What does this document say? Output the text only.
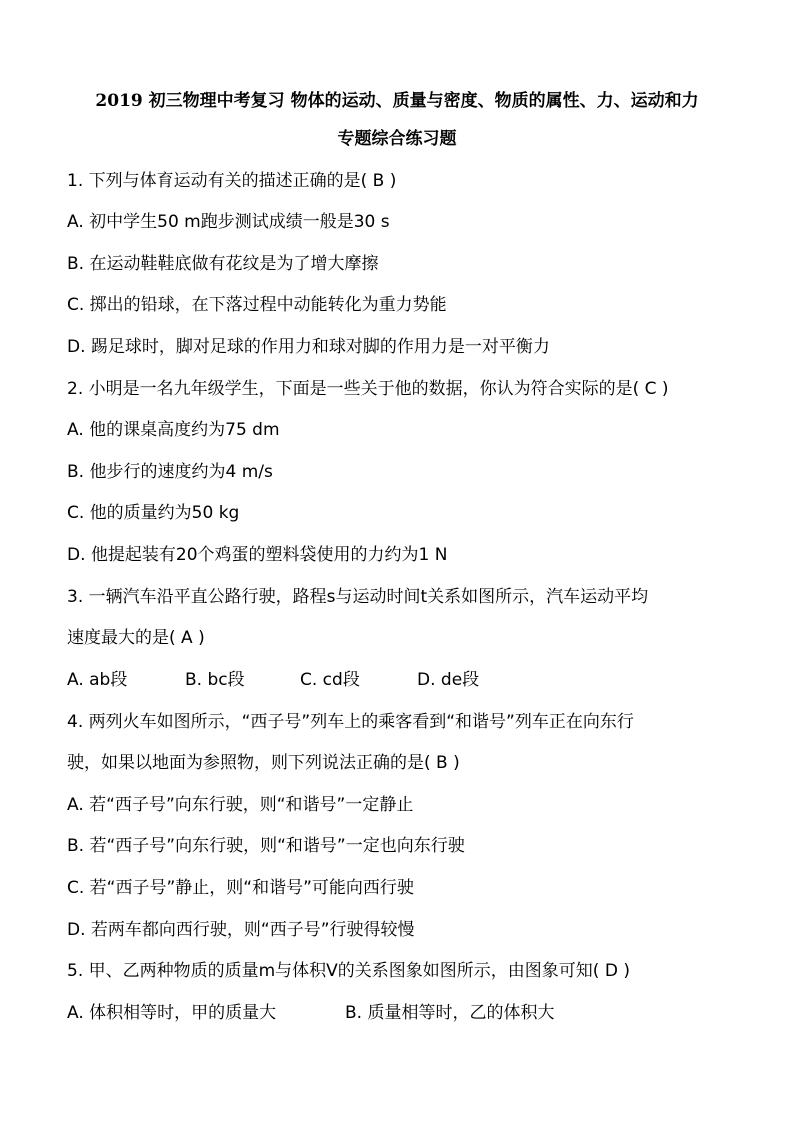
2019 初三物理中考复习 物体的运动、质量与密度、物质的属性、力、运动和力
专题综合练习题
1. 下列与体育运动有关的描述正确的是( B )
A. 初中学生50 m跑步测试成绩一般是30 s
B. 在运动鞋鞋底做有花纹是为了增大摩擦
C. 掷出的铅球，在下落过程中动能转化为重力势能
D. 踢足球时，脚对足球的作用力和球对脚的作用力是一对平衡力
2. 小明是一名九年级学生，下面是一些关于他的数据，你认为符合实际的是( C )
A. 他的课桌高度约为75 dm
B. 他步行的速度约为4 m/s
C. 他的质量约为50 kg
D. 他提起装有20个鸡蛋的塑料袋使用的力约为1 N
3. 一辆汽车沿平直公路行驶，路程s与运动时间t关系如图所示，汽车运动平均
速度最大的是( A )
A. ab段	B. bc段	C. cd段	D. de段
4. 两列火车如图所示，“西子号”列车上的乘客看到“和谐号”列车正在向东行
驶，如果以地面为参照物，则下列说法正确的是( B )
A. 若“西子号”向东行驶，则“和谐号”一定静止
B. 若“西子号”向东行驶，则“和谐号”一定也向东行驶
C. 若“西子号”静止，则“和谐号”可能向西行驶
D. 若两车都向西行驶，则“西子号”行驶得较慢
5. 甲、乙两种物质的质量m与体积V的关系图象如图所示，由图象可知( D )
A. 体积相等时，甲的质量大	B. 质量相等时，乙的体积大
